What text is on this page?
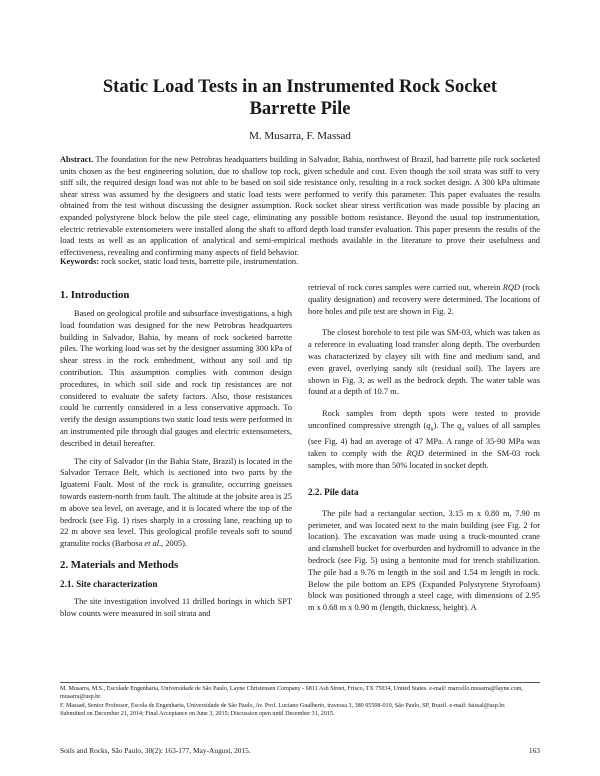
Static Load Tests in an Instrumented Rock Socket
Barrette Pile
M. Musarra, F. Massad

Abstract. The foundation for the new Petrobras headquarters building in Salvador, Bahia, northwest of Brazil, had barrette pile rock socketed units chosen as the best engineering solution, due to shallow top rock, given schedule and cost. Even though the soil strata was stiff to very stiff silt, the required design load was not able to be based on soil side resistance only, resulting in a rock socket design. A 300 kPa ultimate shear stress was assumed by the designers and static load tests were performed to verify this parameter. This paper evaluates the results obtained from the test without discussing the designer assumption. Rock socket shear stress verification was made possible by placing an expanded polystyrene block below the pile steel cage, eliminating any possible bottom resistance. Beyond the usual top instrumentation, electric retrievable extensometers were installed along the shaft to afford depth load transfer evaluation. This paper presents the results of the load tests as well as an application of analytical and semi-empirical methods available in the literature to prove their usefulness and effectiveness, revealing and confirming many aspects of field behavior.

Keywords: rock socket, static load tests, barrette pile, instrumentation.

1. Introduction

Based on geological profile and subsurface investigations, a high load foundation was designed for the new Petrobras headquarters building in Salvador, Bahia, by means of rock socketed barrette piles. The working load was set by the designer assuming 300 kPa of shear stress in the rock embedment, without any soil and tip contribution. This assumption complies with common design procedures, in which soil side and rock tip resistances are not considered to evaluate the safety factors. Also, those resistances could be currently considered in a less conservative approach. To verify the design assumptions two static load tests were performed in an instrumented pile through dial gauges and electric extensometers, described in detail hereafter.

The city of Salvador (in the Bahia State, Brazil) is located in the Salvador Terrace Belt, which is sectioned into two parts by the Iguatemi Fault. Most of the rock is granulite, occurring gneisses towards eastern-north from fault. The altitude at the jobsite area is 25 m above sea level, on average, and it is located where the top of the bedrock (see Fig. 1) rises sharply in a crossing lane, reaching up to 22 m above sea level. This geological profile reveals soft to sound granulite rocks (Barbosa et al., 2005).

2. Materials and Methods
2.1. Site characterization

The site investigation involved 11 drilled borings in which SPT blow counts were measured in soil strata and

retrieval of rock cores samples were carried out, wherein RQD (rock quality designation) and recovery were determined. The locations of bore holes and pile test are shown in Fig. 2.

The closest borehole to test pile was SM-03, which was taken as a reference in evaluating load transfer along depth. The overburden was characterized by clayey silt with fine and medium sand, and even gravel, overlying sandy silt (residual soil). The layers are shown in Fig. 3, as well as the bedrock depth. The water table was found at a depth of 10.7 m.

Rock samples from depth spots were tested to provide unconfined compressive strength $(q_u)$. The $q_u$ values of all samples (see Fig. 4) had an average of 47 MPa. A range of 35-90 MPa was taken to comply with the RQD determined in the SM-03 rock samples, with more than 50% located in socket depth.

2.2. Pile data

The pile had a rectangular section, 3.15 m x 0.80 m, 7.90 m perimeter, and was located next to the main building (see Fig. 2 for location). The excavation was made using a truck-mounted crane and clamshell bucket for overburden and hydromill to advance in the bedrock (see Fig. 5) using a bentonite mud for trench stabilization. The pile had a 9.76 m length in the soil and 1.54 m length in rock. Below the pile bottom an EPS (Expanded Polystyrene Styrofoam) block was positioned through a steel cage, with dimensions of 2.95 m x 0.68 m x 0.90 m (length, thickness, height). A

M. Musarra, M.S., Escolade Engenharia, Universidade de São Paulo, Layne Christensen Company - 6811 Ash Street, Frisco, TX 75034, United States. e-mail: marcello.musarra@layne.com, musarra@usp.br.
F. Massad, Senior Professor, Escola de Engenharia, Universidade de São Paulo, Av. Prof. Luciano Gualberto, travessa 3, 380 05508-010, São Paulo, SP, Brazil. e-mail: faissal@usp.br.
Submitted on December 21, 2014; Final Acceptance on June 3, 2015; Discussion open until December 31, 2015.
Soils and Rocks, São Paulo, 38(2): 163-177, May-August, 2015.	163
